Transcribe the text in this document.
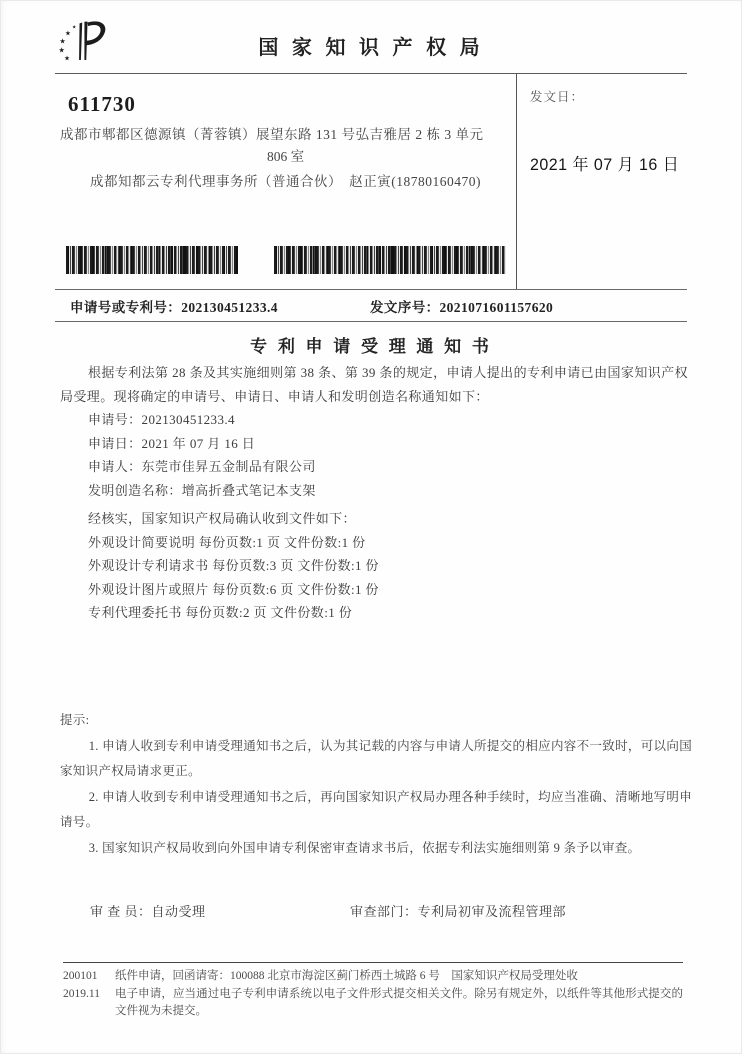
国 家 知 识 产 权 局
611730
成都市郫都区德源镇（菁蓉镇）展望东路 131 号弘吉雅居 2 栋 3 单元
806 室
成都知都云专利代理事务所（普通合伙）　赵正寅(18780160470)
发文日：
2021 年 07 月 16 日
申请号或专利号：202130451233.4	发文序号：2021071601157620
专 利 申 请 受 理 通 知 书

根据专利法第 28 条及其实施细则第 38 条、第 39 条的规定，申请人提出的专利申请已由国家知识产权局受理。现将确定的申请号、申请日、申请人和发明创造名称通知如下：

申请号：202130451233.4
申请日：2021 年 07 月 16 日
申请人：东莞市佳昇五金制品有限公司
发明创造名称：增高折叠式笔记本支架
经核实，国家知识产权局确认收到文件如下：
外观设计简要说明 每份页数:1 页 文件份数:1 份
外观设计专利请求书 每份页数:3 页 文件份数:1 份
外观设计图片或照片 每份页数:6 页 文件份数:1 份
专利代理委托书 每份页数:2 页 文件份数:1 份
提示:

1. 申请人收到专利申请受理通知书之后，认为其记载的内容与申请人所提交的相应内容不一致时，可以向国家知识产权局请求更正。

2. 申请人收到专利申请受理通知书之后，再向国家知识产权局办理各种手续时，均应当准确、清晰地写明申请号。

3. 国家知识产权局收到向外国申请专利保密审查请求书后，依据专利法实施细则第 9 条予以审查。

审 查 员：自动受理	审查部门：专利局初审及流程管理部
200101
2019.11
纸件申请，回函请寄：100088 北京市海淀区蓟门桥西土城路 6 号　国家知识产权局受理处收
电子申请，应当通过电子专利申请系统以电子文件形式提交相关文件。除另有规定外，以纸件等其他形式提交的文件视为未提交。
